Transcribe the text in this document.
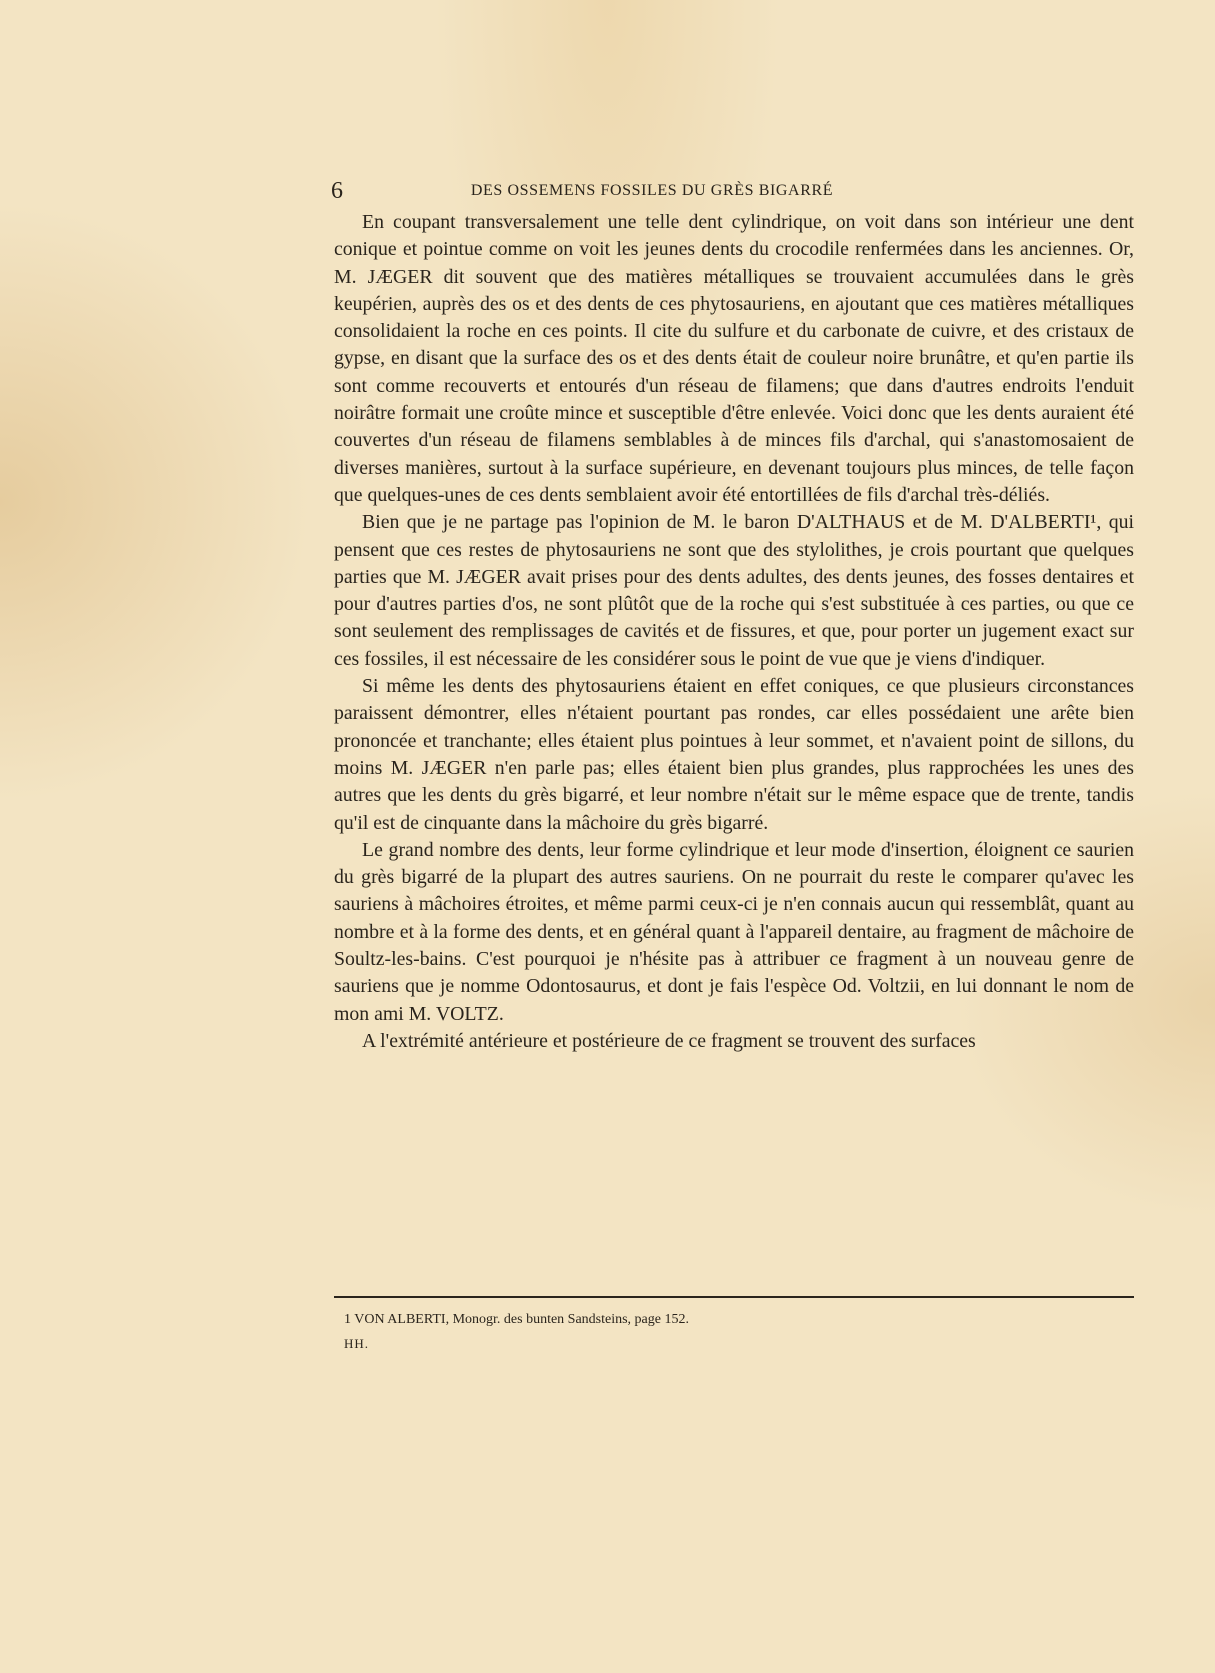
6	DES OSSEMENS FOSSILES DU GRÈS BIGARRÉ

En coupant transversalement une telle dent cylindrique, on voit dans son intérieur une dent conique et pointue comme on voit les jeunes dents du crocodile renfermées dans les anciennes. Or, M. JÆGER dit souvent que des matières métalliques se trouvaient accumulées dans le grès keupérien, auprès des os et des dents de ces phytosauriens, en ajoutant que ces matières métalliques consolidaient la roche en ces points. Il cite du sulfure et du carbonate de cuivre, et des cristaux de gypse, en disant que la surface des os et des dents était de couleur noire brunâtre, et qu'en partie ils sont comme recouverts et entourés d'un réseau de filamens; que dans d'autres endroits l'enduit noirâtre formait une croûte mince et susceptible d'être enlevée. Voici donc que les dents auraient été couvertes d'un réseau de filamens semblables à de minces fils d'archal, qui s'anastomosaient de diverses manières, surtout à la surface supérieure, en devenant toujours plus minces, de telle façon que quelques-unes de ces dents semblaient avoir été entortillées de fils d'archal très-déliés.

Bien que je ne partage pas l'opinion de M. le baron D'ALTHAUS et de M. D'ALBERTI¹, qui pensent que ces restes de phytosauriens ne sont que des stylolithes, je crois pourtant que quelques parties que M. JÆGER avait prises pour des dents adultes, des dents jeunes, des fosses dentaires et pour d'autres parties d'os, ne sont plûtôt que de la roche qui s'est substituée à ces parties, ou que ce sont seulement des remplissages de cavités et de fissures, et que, pour porter un jugement exact sur ces fossiles, il est nécessaire de les considérer sous le point de vue que je viens d'indiquer.

Si même les dents des phytosauriens étaient en effet coniques, ce que plusieurs circonstances paraissent démontrer, elles n'étaient pourtant pas rondes, car elles possédaient une arête bien prononcée et tranchante; elles étaient plus pointues à leur sommet, et n'avaient point de sillons, du moins M. JÆGER n'en parle pas; elles étaient bien plus grandes, plus rapprochées les unes des autres que les dents du grès bigarré, et leur nombre n'était sur le même espace que de trente, tandis qu'il est de cinquante dans la mâchoire du grès bigarré.

Le grand nombre des dents, leur forme cylindrique et leur mode d'insertion, éloignent ce saurien du grès bigarré de la plupart des autres sauriens. On ne pourrait du reste le comparer qu'avec les sauriens à mâchoires étroites, et même parmi ceux-ci je n'en connais aucun qui ressemblât, quant au nombre et à la forme des dents, et en général quant à l'appareil dentaire, au fragment de mâchoire de Soultz-les-bains. C'est pourquoi je n'hésite pas à attribuer ce fragment à un nouveau genre de sauriens que je nomme Odontosaurus, et dont je fais l'espèce Od. Voltzii, en lui donnant le nom de mon ami M. VOLTZ.

A l'extrémité antérieure et postérieure de ce fragment se trouvent des surfaces

1 VON ALBERTI, Monogr. des bunten Sandsteins, page 152.
HH.
